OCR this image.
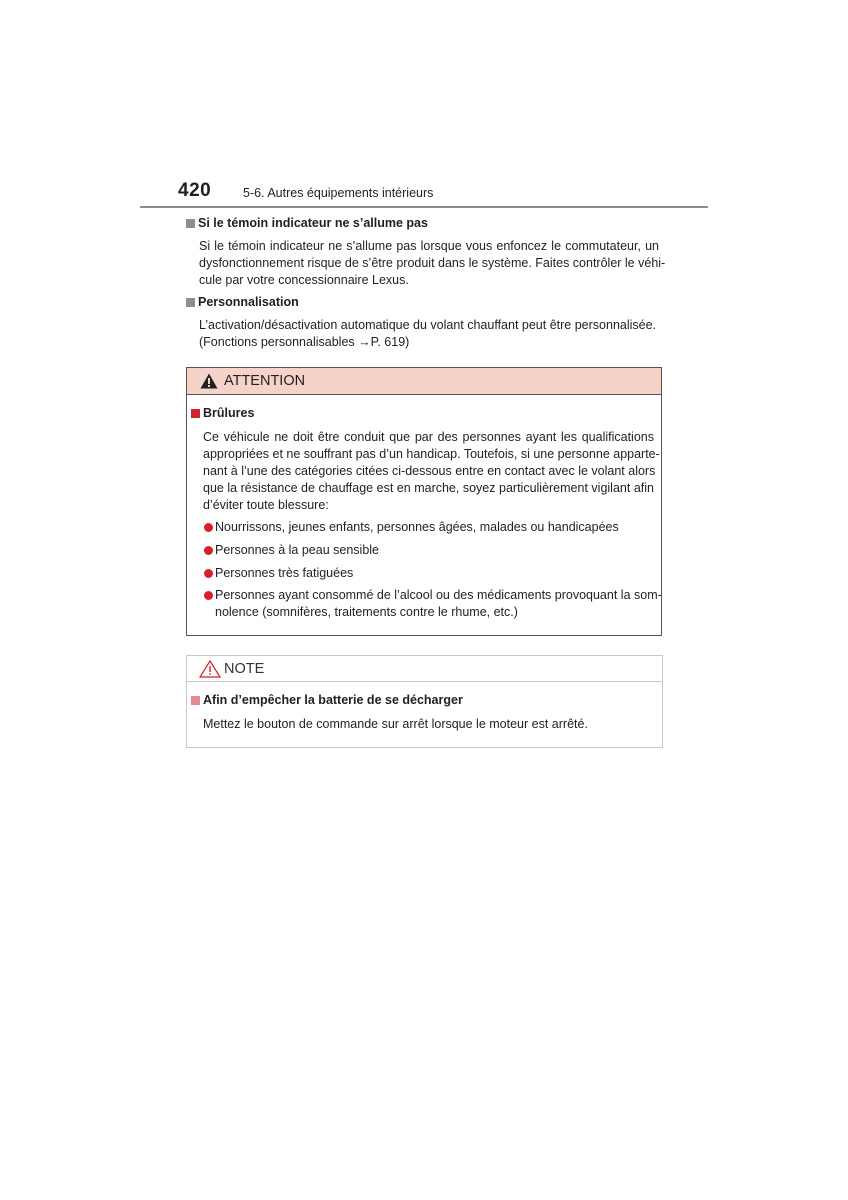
420	5-6. Autres équipements intérieurs
Si le témoin indicateur ne s’allume pas
Si le témoin indicateur ne s’allume pas lorsque vous enfoncez le commutateur, un
dysfonctionnement risque de s’être produit dans le système. Faites contrôler le véhi-
cule par votre concessionnaire Lexus.
Personnalisation
L’activation/désactivation automatique du volant chauffant peut être personnalisée.
(Fonctions personnalisables →P. 619)
ATTENTION
Brûlures
Ce véhicule ne doit être conduit que par des personnes ayant les qualifications
appropriées et ne souffrant pas d’un handicap. Toutefois, si une personne apparte-
nant à l’une des catégories citées ci-dessous entre en contact avec le volant alors
que la résistance de chauffage est en marche, soyez particulièrement vigilant afin
d’éviter toute blessure:
Nourrissons, jeunes enfants, personnes âgées, malades ou handicapées
Personnes à la peau sensible
Personnes très fatiguées
Personnes ayant consommé de l’alcool ou des médicaments provoquant la som-
nolence (somnifères, traitements contre le rhume, etc.)
NOTE
Afin d’empêcher la batterie de se décharger
Mettez le bouton de commande sur arrêt lorsque le moteur est arrêté.
